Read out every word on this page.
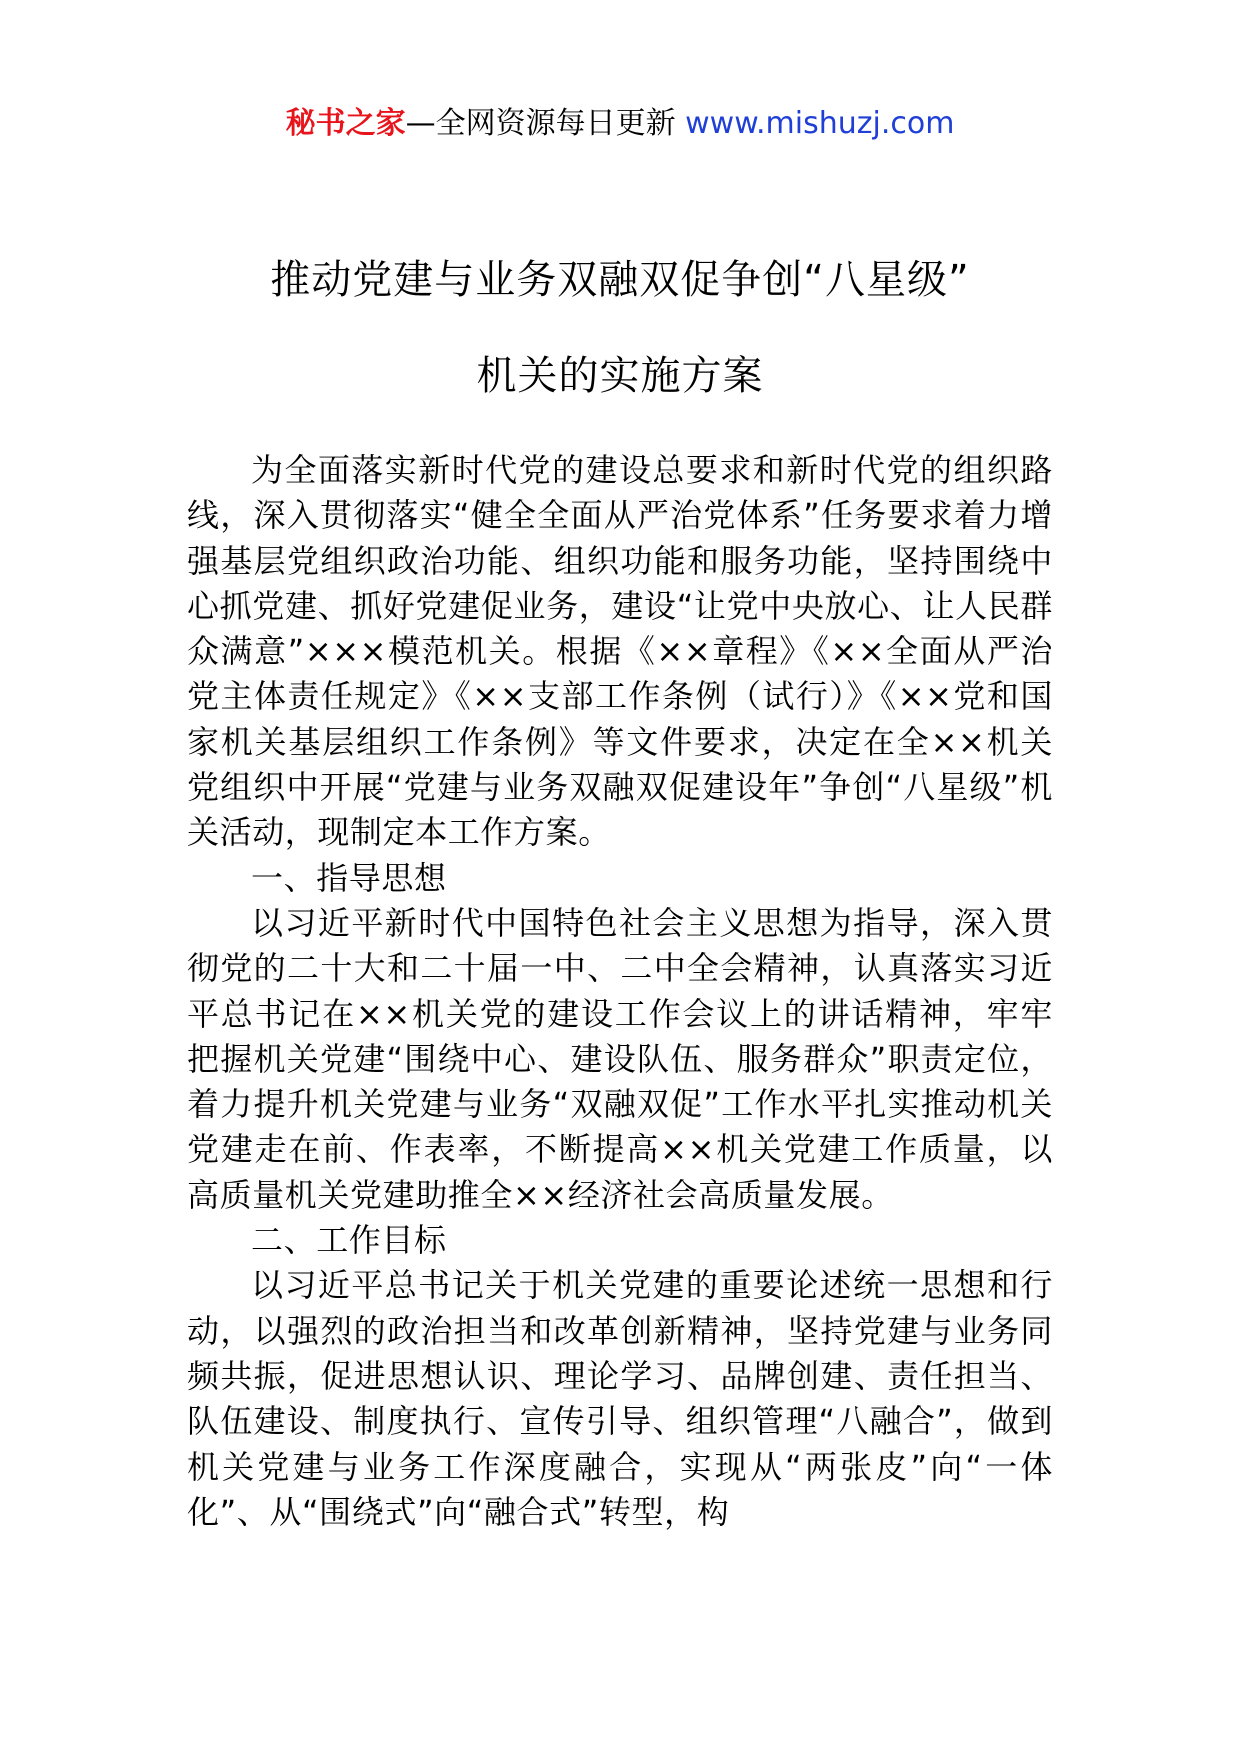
秘书之家—全网资源每日更新 www.mishuzj.com
推动党建与业务双融双促争创“八星级”
机关的实施方案

为全面落实新时代党的建设总要求和新时代党的组织路线，深入贯彻落实“健全全面从严治党体系”任务要求着力增强基层党组织政治功能、组织功能和服务功能，坚持围绕中心抓党建、抓好党建促业务，建设“让党中央放心、让人民群众满意”×××模范机关。根据《××章程》《××全面从严治党主体责任规定》《××支部工作条例（试行）》《××党和国家机关基层组织工作条例》等文件要求，决定在全××机关党组织中开展“党建与业务双融双促建设年”争创“八星级”机关活动，现制定本工作方案。

一、指导思想

以习近平新时代中国特色社会主义思想为指导，深入贯彻党的二十大和二十届一中、二中全会精神，认真落实习近平总书记在××机关党的建设工作会议上的讲话精神，牢牢把握机关党建“围绕中心、建设队伍、服务群众”职责定位，着力提升机关党建与业务“双融双促”工作水平扎实推动机关党建走在前、作表率，不断提高××机关党建工作质量，以高质量机关党建助推全××经济社会高质量发展。

二、工作目标

以习近平总书记关于机关党建的重要论述统一思想和行动，以强烈的政治担当和改革创新精神，坚持党建与业务同频共振，促进思想认识、理论学习、品牌创建、责任担当、队伍建设、制度执行、宣传引导、组织管理“八融合”，做到机关党建与业务工作深度融合，实现从“两张皮”向“一体化”、从“围绕式”向“融合式”转型，构
